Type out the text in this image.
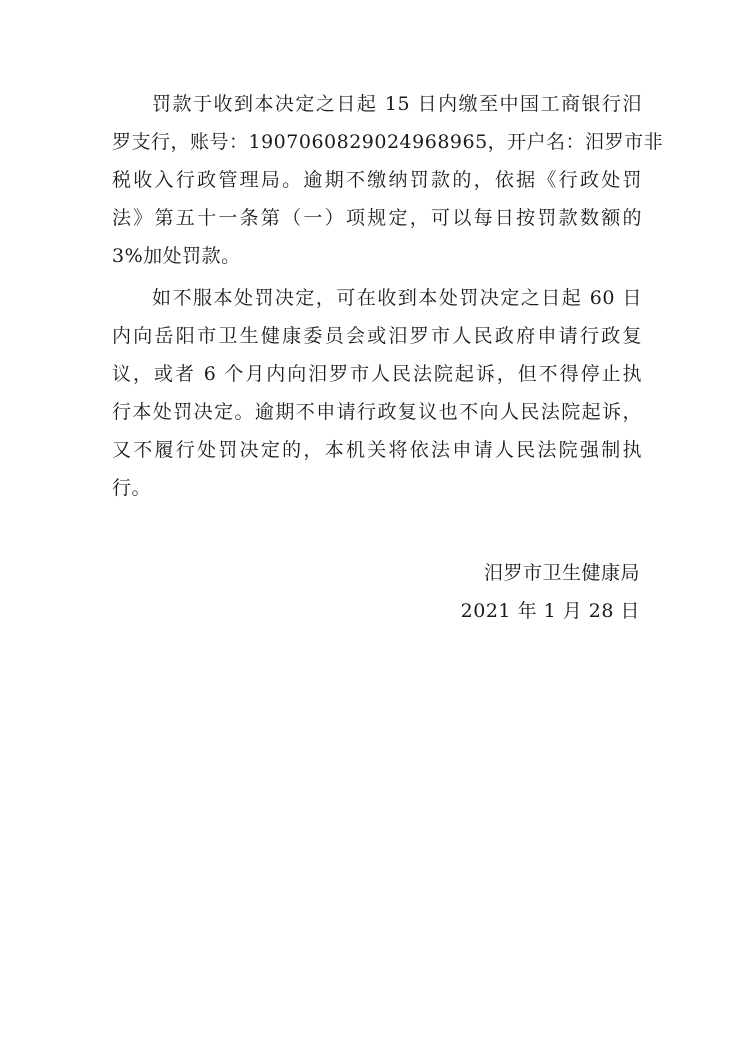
罚款于收到本决定之日起 15 日内缴至中国工商银行汨
罗支行，账号：1907060829024968965，开户名：汨罗市非
税收入行政管理局。逾期不缴纳罚款的，依据《行政处罚
法》第五十一条第（一）项规定，可以每日按罚款数额的
3%加处罚款。
如不服本处罚决定，可在收到本处罚决定之日起 60 日
内向岳阳市卫生健康委员会或汨罗市人民政府申请行政复
议，或者 6 个月内向汨罗市人民法院起诉，但不得停止执
行本处罚决定。逾期不申请行政复议也不向人民法院起诉，
又不履行处罚决定的，本机关将依法申请人民法院强制执
行。
汨罗市卫生健康局
2021 年 1 月 28 日
